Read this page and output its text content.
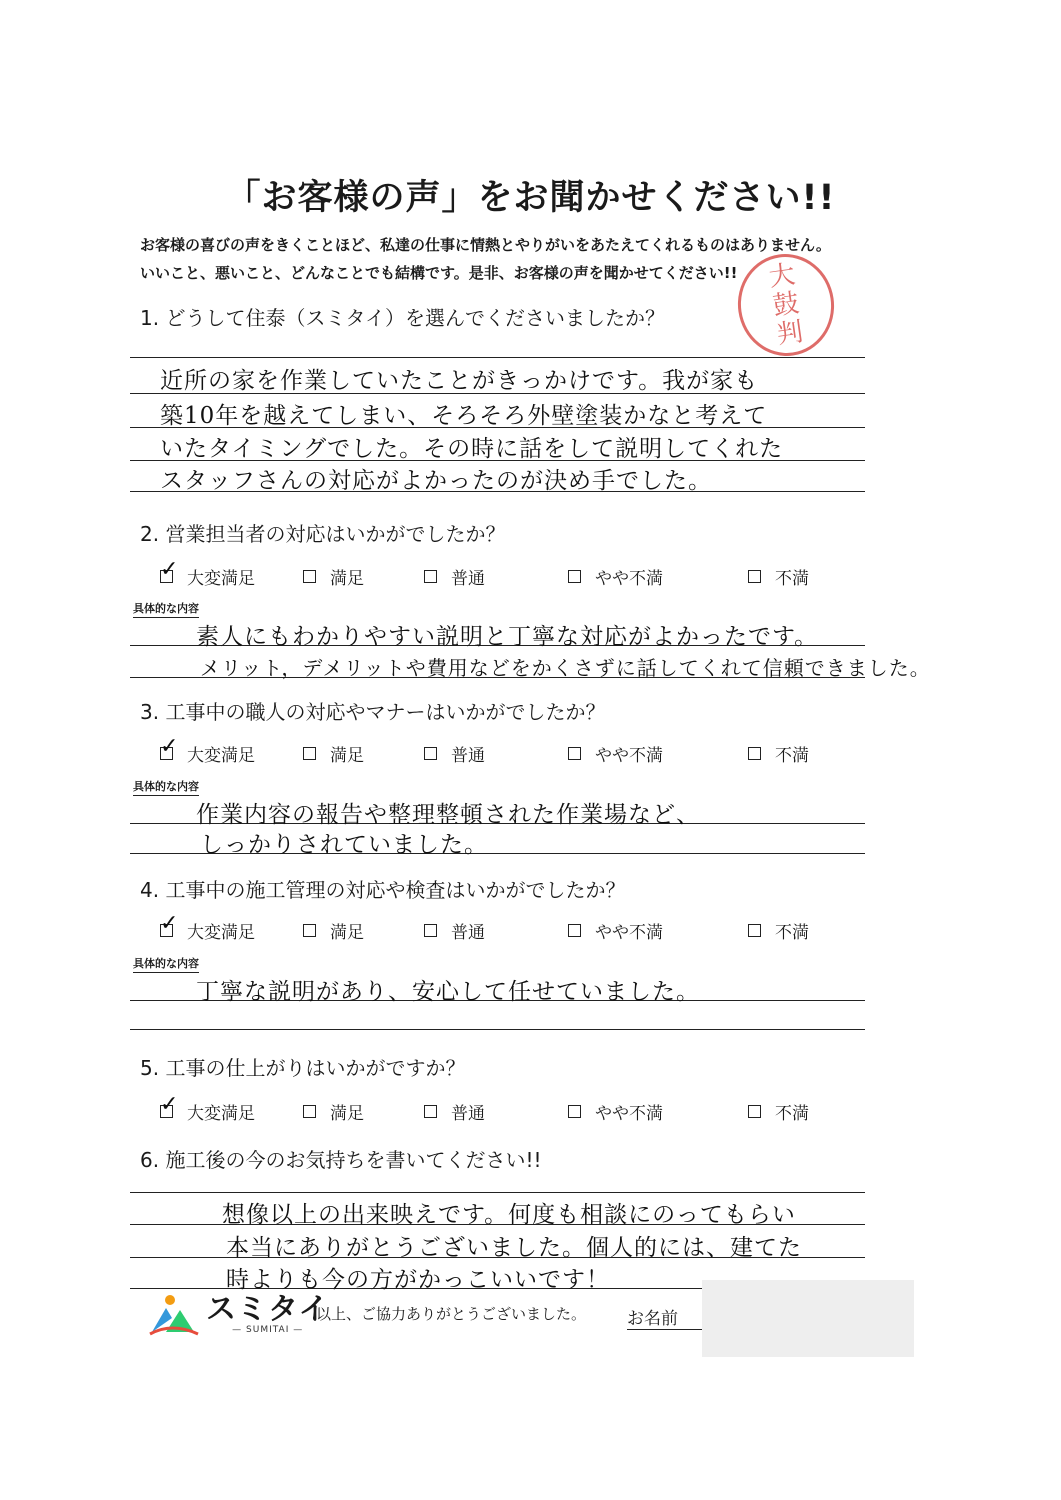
「お客様の声」をお聞かせください!!
お客様の喜びの声をきくことほど、私達の仕事に情熱とやりがいをあたえてくれるものはありません。
いいこと、悪いこと、どんなことでも結構です。是非、お客様の声を聞かせてください!! 大
鼓
判
1. どうして住泰（スミタイ）を選んでくださいましたか？
近所の家を作業していたことがきっかけです。我が家も
築10年を越えてしまい、そろそろ外壁塗装かなと考えて
いたタイミングでした。その時に話をして説明してくれた
スタッフさんの対応がよかったのが決め手でした。
2. 営業担当者の対応はいかがでしたか？
✓ 大変満足	満足	普通	やや不満	不満
具体的な内容
素人にもわかりやすい説明と丁寧な対応がよかったです。
メリット，デメリットや費用などをかくさずに話してくれて信頼できました。
3. 工事中の職人の対応やマナーはいかがでしたか？
✓ 大変満足	満足	普通	やや不満	不満
具体的な内容
作業内容の報告や整理整頓された作業場など、
しっかりされていました。
4. 工事中の施工管理の対応や検査はいかがでしたか？
✓ 大変満足	満足	普通	やや不満	不満
具体的な内容
丁寧な説明があり、安心して任せていました。
5. 工事の仕上がりはいかがですか？
✓ 大変満足	満足	普通	やや不満	不満
6. 施工後の今のお気持ちを書いてください!!
想像以上の出来映えです。何度も相談にのってもらい
本当にありがとうございました。個人的には、建てた
時よりも今の方がかっこいいです！
スミタイ
— SUMITAI —
以上、ご協力ありがとうございました。 お名前
